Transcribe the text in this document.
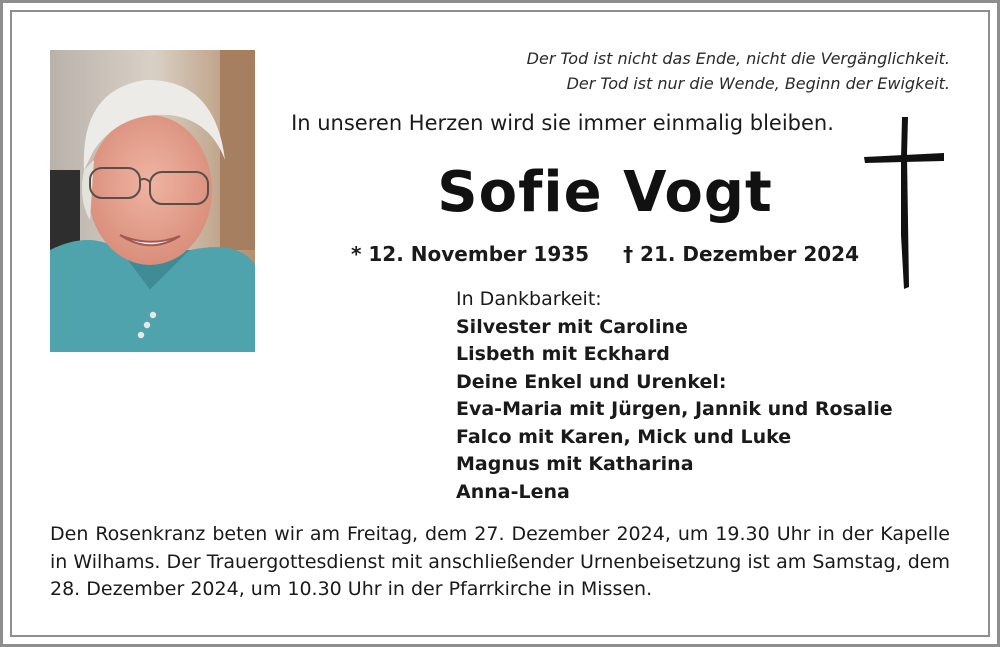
Der Tod ist nicht das Ende, nicht die Vergänglichkeit.
Der Tod ist nur die Wende, Beginn der Ewigkeit.
In unseren Herzen wird sie immer einmalig bleiben.
Sofie Vogt
* 12. November 1935 † 21. Dezember 2024
In Dankbarkeit:
Silvester mit Caroline
Lisbeth mit Eckhard
Deine Enkel und Urenkel:
Eva-Maria mit Jürgen, Jannik und Rosalie
Falco mit Karen, Mick und Luke
Magnus mit Katharina
Anna-Lena
Den Rosenkranz beten wir am Freitag, dem 27. Dezember 2024, um 19.30 Uhr in der Kapelle in Wilhams. Der Trauergottesdienst mit anschließender Urnenbeisetzung ist am Samstag, dem 28. Dezember 2024, um 10.30 Uhr in der Pfarrkirche in Missen.
